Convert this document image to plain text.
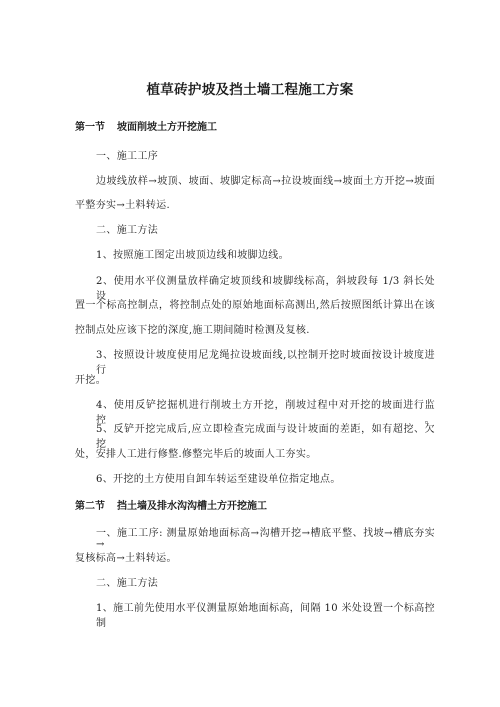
植草砖护坡及挡土墙工程施工方案
第一节 坡面削坡土方开挖施工

一、施工工序

边坡线放样→坡顶、坡面、坡脚定标高→拉设坡面线→坡面土方开挖→坡面

平整夯实→土料转运.

二、施工方法

1、按照施工图定出坡顶边线和坡脚边线。

2、使用水平仪测量放样确定坡顶线和坡脚线标高，斜坡段每 1/3 斜长处设

置一个标高控制点，将控制点处的原始地面标高测出,然后按照图纸计算出在该

控制点处应该下挖的深度,施工期间随时检测及复核.

3、按照设计坡度使用尼龙绳拉设坡面线,以控制开挖时坡面按设计坡度进行

开挖。

4、使用反铲挖掘机进行削坡土方开挖，削坡过程中对开挖的坡面进行监控。

5、反铲开挖完成后,应立即检查完成面与设计坡面的差距，如有超挖、欠挖

处，安排人工进行修整.修整完毕后的坡面人工夯实。

6、开挖的土方使用自卸车转运至建设单位指定地点。

第二节 挡土墙及排水沟沟槽土方开挖施工

一、施工工序: 测量原始地面标高→沟槽开挖→槽底平整、找坡→槽底夯实→

复核标高→土料转运。

二、施工方法

1、施工前先使用水平仪测量原始地面标高，间隔 10 米处设置一个标高控制
